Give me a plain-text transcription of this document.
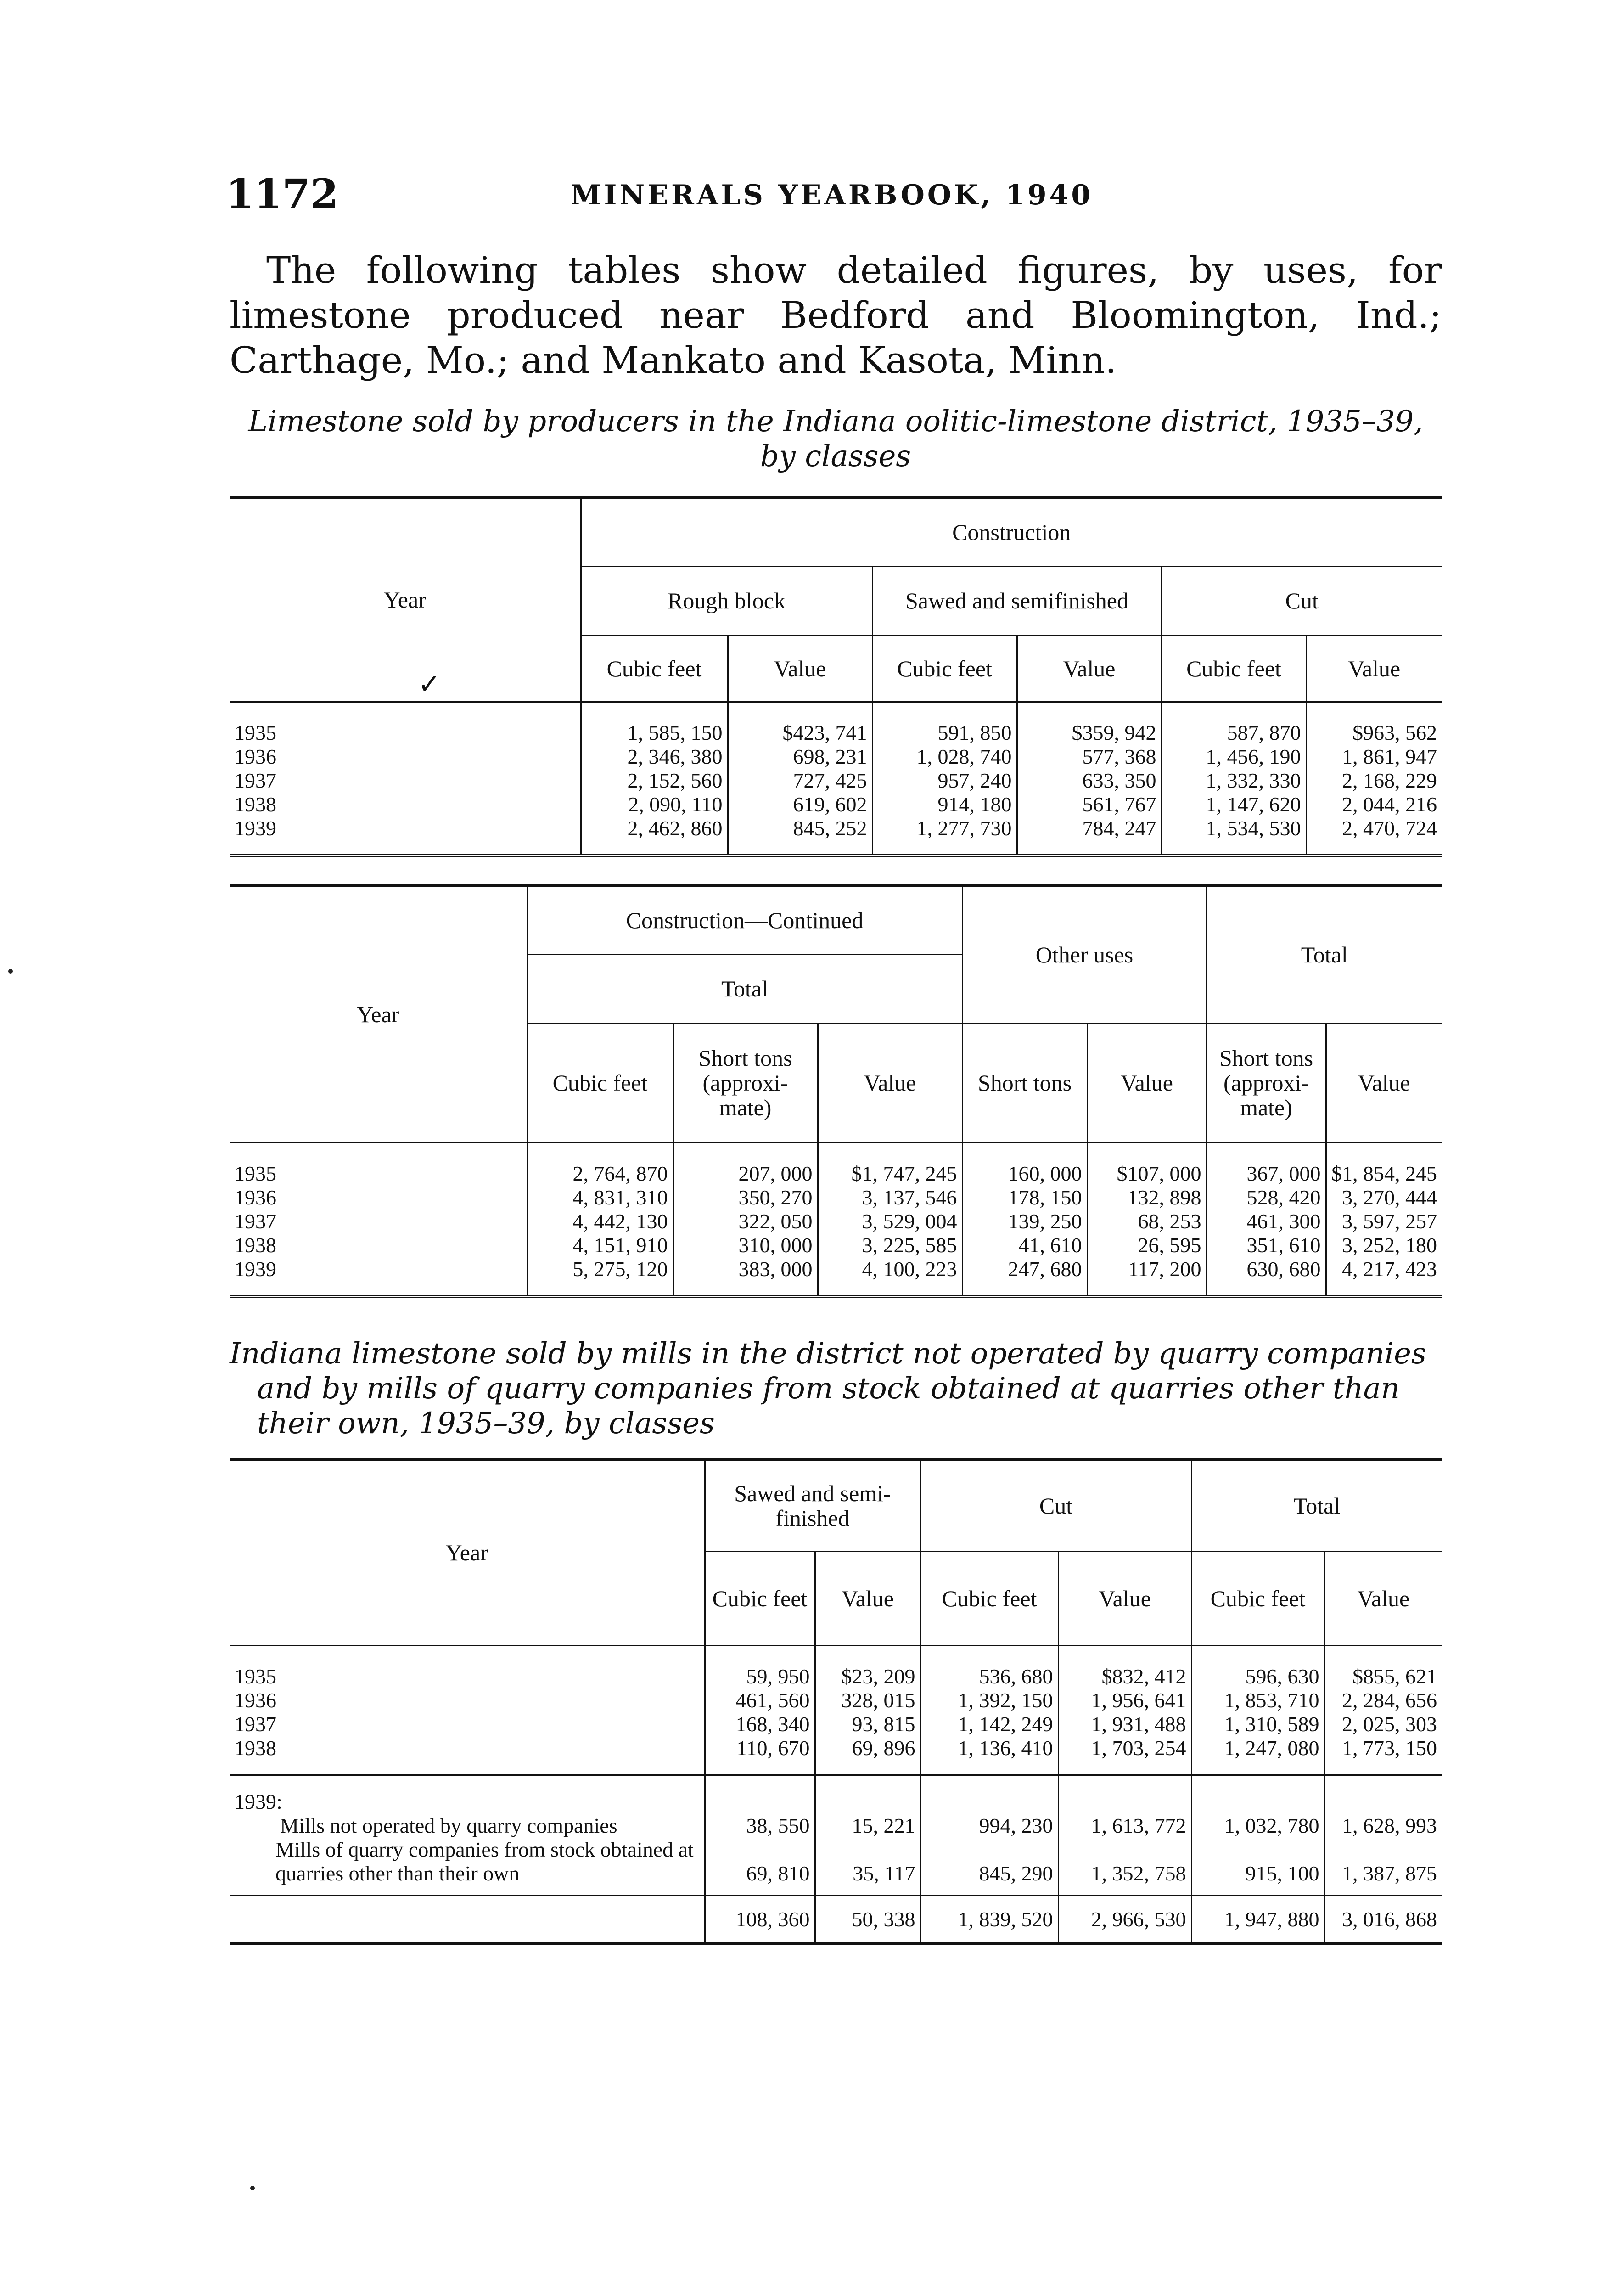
1172	MINERALS YEARBOOK, 1940

The following tables show detailed figures, by uses, for limestone produced near Bedford and Bloomington, Ind.; Carthage, Mo.; and Mankato and Kasota, Minn.

Limestone sold by producers in the Indiana oolitic-limestone district, 1935–39, by classes

✓
Year	Construction					
	Rough block		Sawed and semifinished		Cut	
	Cubic feet	Value	Cubic feet	Value	Cubic feet	Value
1935	1, 585, 150	$423, 741	591, 850	$359, 942	587, 870	$963, 562
1936	2, 346, 380	698, 231	1, 028, 740	577, 368	1, 456, 190	1, 861, 947
1937	2, 152, 560	727, 425	957, 240	633, 350	1, 332, 330	2, 168, 229
1938	2, 090, 110	619, 602	914, 180	561, 767	1, 147, 620	2, 044, 216
1939	2, 462, 860	845, 252	1, 277, 730	784, 247	1, 534, 530	2, 470, 724
Year	Construction—Continued			Other uses		Total	
	Total						
	Cubic feet	Short tons (approxi- mate)	Value	Short tons	Value	Short tons (approxi- mate)	Value
1935	2, 764, 870	207, 000	$1, 747, 245	160, 000	$107, 000	367, 000	$1, 854, 245
1936	4, 831, 310	350, 270	3, 137, 546	178, 150	132, 898	528, 420	3, 270, 444
1937	4, 442, 130	322, 050	3, 529, 004	139, 250	68, 253	461, 300	3, 597, 257
1938	4, 151, 910	310, 000	3, 225, 585	41, 610	26, 595	351, 610	3, 252, 180
1939	5, 275, 120	383, 000	4, 100, 223	247, 680	117, 200	630, 680	4, 217, 423

Indiana limestone sold by mills in the district not operated by quarry companies and by mills of quarry companies from stock obtained at quarries other than their own, 1935–39, by classes

Year	Sawed and semi- finished		Cut		Total	
	Cubic feet	Value	Cubic feet	Value	Cubic feet	Value
1935	59, 950	$23, 209	536, 680	$832, 412	596, 630	$855, 621
1936	461, 560	328, 015	1, 392, 150	1, 956, 641	1, 853, 710	2, 284, 656
1937	168, 340	93, 815	1, 142, 249	1, 931, 488	1, 310, 589	2, 025, 303
1938	110, 670	69, 896	1, 136, 410	1, 703, 254	1, 247, 080	1, 773, 150

1939:
Mills not operated by quarry companies	38, 550	15, 221	994, 230	1, 613, 772	1, 032, 780	1, 628, 993
Mills of quarry companies from stock obtained at quarries other than their own	69, 810	35, 117	845, 290	1, 352, 758	915, 100	1, 387, 875
	108, 360	50, 338	1, 839, 520	2, 966, 530	1, 947, 880	3, 016, 868
